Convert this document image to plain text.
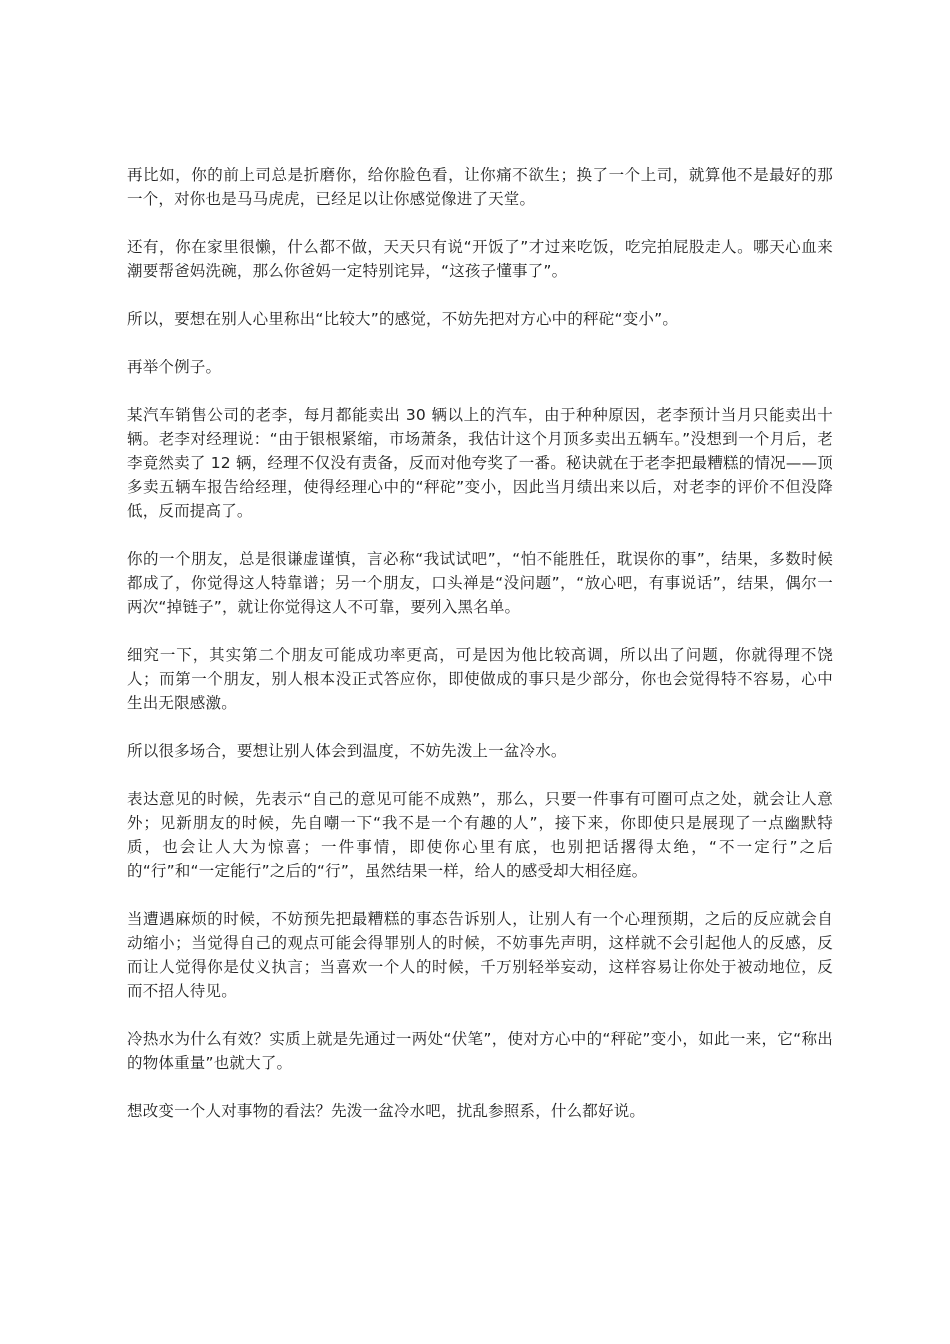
再比如，你的前上司总是折磨你，给你脸色看，让你痛不欲生；换了一个上司，就算他不是最好的那一个，对你也是马马虎虎，已经足以让你感觉像进了天堂。

还有，你在家里很懒，什么都不做，天天只有说“开饭了”才过来吃饭，吃完拍屁股走人。哪天心血来潮要帮爸妈洗碗，那么你爸妈一定特别诧异，“这孩子懂事了”。

所以，要想在别人心里称出“比较大”的感觉，不妨先把对方心中的秤砣“变小”。

再举个例子。

某汽车销售公司的老李，每月都能卖出 30 辆以上的汽车，由于种种原因，老李预计当月只能卖出十辆。老李对经理说：“由于银根紧缩，市场萧条，我估计这个月顶多卖出五辆车。”没想到一个月后，老李竟然卖了 12 辆，经理不仅没有责备，反而对他夸奖了一番。秘诀就在于老李把最糟糕的情况——顶多卖五辆车报告给经理，使得经理心中的“秤砣”变小，因此当月绩出来以后，对老李的评价不但没降低，反而提高了。

你的一个朋友，总是很谦虚谨慎，言必称“我试试吧”，“怕不能胜任，耽误你的事”，结果，多数时候都成了，你觉得这人特靠谱；另一个朋友，口头禅是“没问题”，“放心吧，有事说话”，结果，偶尔一两次“掉链子”，就让你觉得这人不可靠，要列入黑名单。

细究一下，其实第二个朋友可能成功率更高，可是因为他比较高调，所以出了问题，你就得理不饶人；而第一个朋友，别人根本没正式答应你，即使做成的事只是少部分，你也会觉得特不容易，心中生出无限感激。

所以很多场合，要想让别人体会到温度，不妨先泼上一盆冷水。

表达意见的时候，先表示“自己的意见可能不成熟”，那么，只要一件事有可圈可点之处，就会让人意外；见新朋友的时候，先自嘲一下“我不是一个有趣的人”，接下来，你即使只是展现了一点幽默特质，也会让人大为惊喜；一件事情，即使你心里有底，也别把话撂得太绝，“不一定行”之后的“行”和“一定能行”之后的“行”，虽然结果一样，给人的感受却大相径庭。

当遭遇麻烦的时候，不妨预先把最糟糕的事态告诉别人，让别人有一个心理预期，之后的反应就会自动缩小；当觉得自己的观点可能会得罪别人的时候，不妨事先声明，这样就不会引起他人的反感，反而让人觉得你是仗义执言；当喜欢一个人的时候，千万别轻举妄动，这样容易让你处于被动地位，反而不招人待见。

冷热水为什么有效？实质上就是先通过一两处“伏笔”，使对方心中的“秤砣”变小，如此一来，它“称出的物体重量”也就大了。

想改变一个人对事物的看法？先泼一盆冷水吧，扰乱参照系，什么都好说。
